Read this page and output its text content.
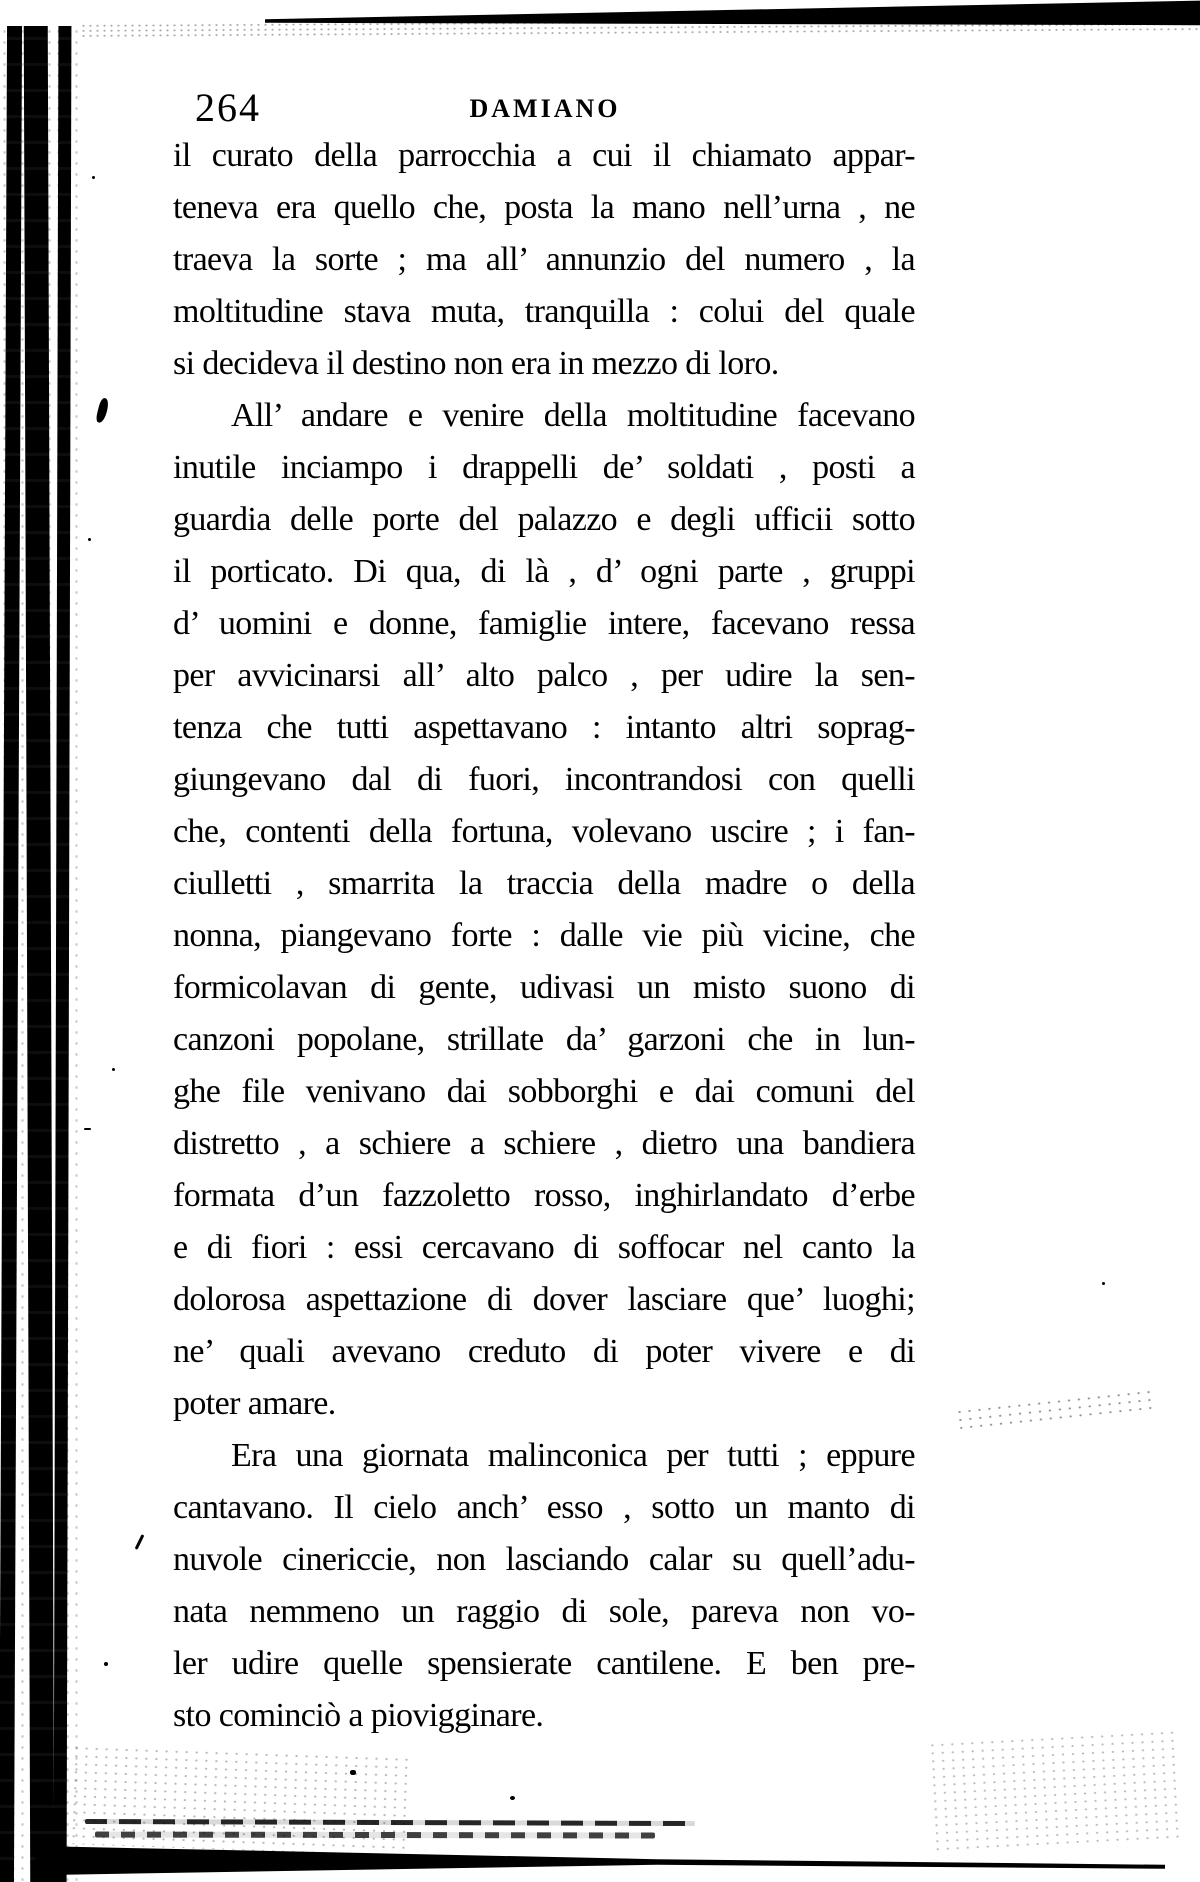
264	DAMIANO
il curato della parrocchia a cui il chiamato appar-
teneva era quello che, posta la mano nell’urna , ne
traeva la sorte ; ma all’ annunzio del numero , la
moltitudine stava muta, tranquilla : colui del quale
si decideva il destino non era in mezzo di loro.
All’ andare e venire della moltitudine facevano
inutile inciampo i drappelli de’ soldati , posti a
guardia delle porte del palazzo e degli ufficii sotto
il porticato. Di qua, di là , d’ ogni parte , gruppi
d’ uomini e donne, famiglie intere, facevano ressa
per avvicinarsi all’ alto palco , per udire la sen-
tenza che tutti aspettavano : intanto altri soprag-
giungevano dal di fuori, incontrandosi con quelli
che, contenti della fortuna, volevano uscire ; i fan-
ciulletti , smarrita la traccia della madre o della
nonna, piangevano forte : dalle vie più vicine, che
formicolavan di gente, udivasi un misto suono di
canzoni popolane, strillate da’ garzoni che in lun-
ghe file venivano dai sobborghi e dai comuni del
distretto , a schiere a schiere , dietro una bandiera
formata d’un fazzoletto rosso, inghirlandato d’erbe
e di fiori : essi cercavano di soffocar nel canto la
dolorosa aspettazione di dover lasciare que’ luoghi;
ne’ quali avevano creduto di poter vivere e di
poter amare.
Era una giornata malinconica per tutti ; eppure
cantavano. Il cielo anch’ esso , sotto un manto di
nuvole cinericcie, non lasciando calar su quell’adu-
nata nemmeno un raggio di sole, pareva non vo-
ler udire quelle spensierate cantilene. E ben pre-
sto cominciò a piovigginare.
